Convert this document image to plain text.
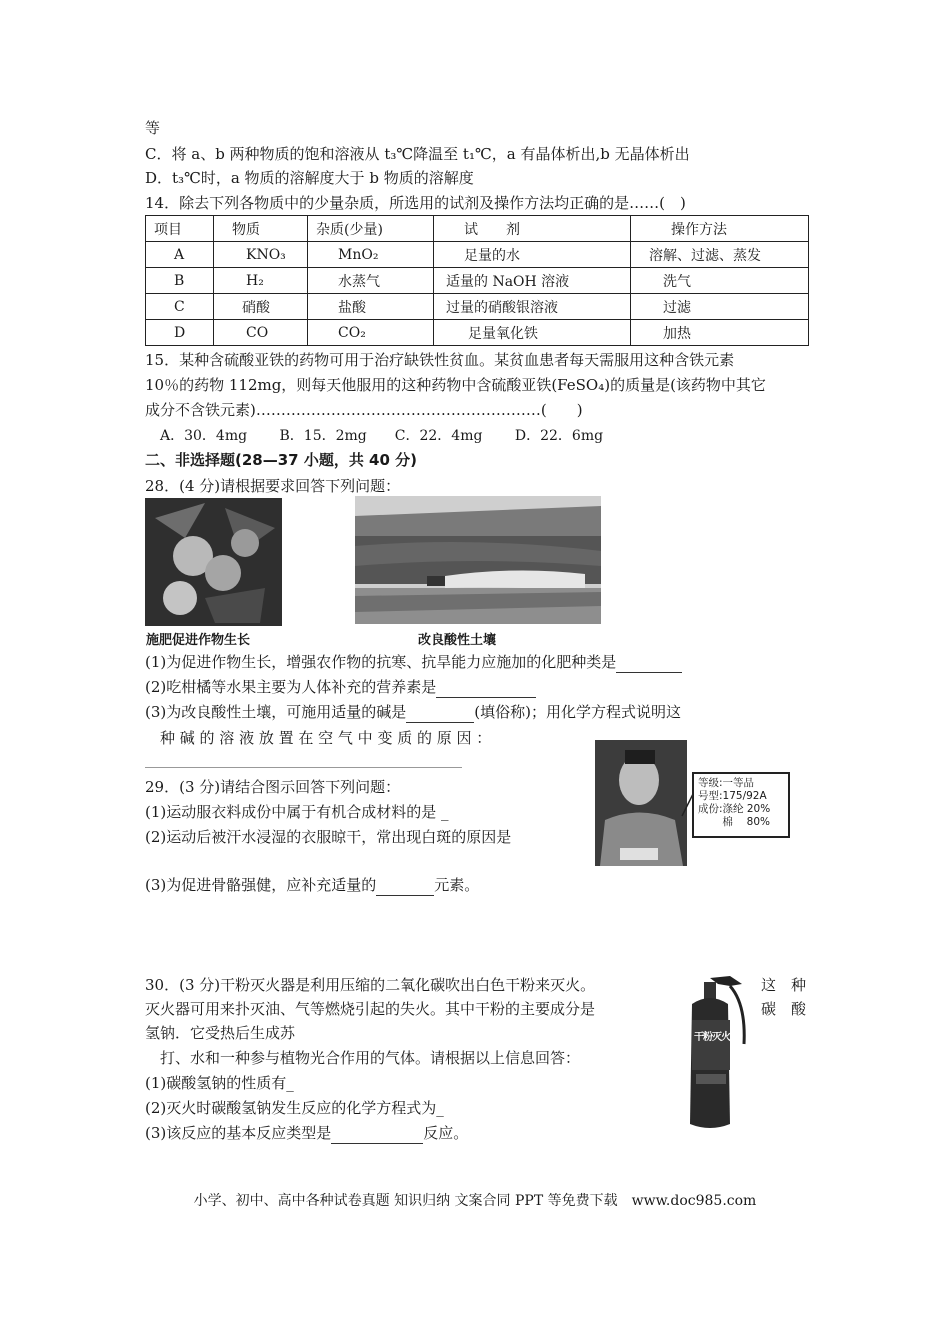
等
C．将 a、b 两种物质的饱和溶液从 t₃℃降温至 t₁℃，a 有晶体析出,b 无晶体析出
D．t₃℃时，a 物质的溶解度大于 b 物质的溶解度
14．除去下列各物质中的少量杂质，所选用的试剂及操作方法均正确的是……(　)
项目	物质	杂质(少量)	试　　剂	操作方法
A	KNO₃	MnO₂	足量的水	溶解、过滤、蒸发
B	H₂	水蒸气	适量的 NaOH 溶液	洗气
C	硝酸	盐酸	过量的硝酸银溶液	过滤
D	CO	CO₂	足量氧化铁	加热
15．某种含硫酸亚铁的药物可用于治疗缺铁性贫血。某贫血患者每天需服用这种含铁元素
10％的药物 112mg，则每天他服用的这种药物中含硫酸亚铁(FeSO₄)的质量是(该药物中其它
成分不含铁元素)…………………………………………………(　　)
A．30．4mg　　 B．15．2mg　　C．22．4mg　　 D．22．6mg
二、非选择题(28—37 小题，共 40 分)
28．(4 分)请根据要求回答下列问题：
施肥促进作物生长	改良酸性土壤
(1)为促进作物生长，增强农作物的抗寒、抗旱能力应施加的化肥种类是
(2)吃柑橘等水果主要为人体补充的营养素是
(3)为改良酸性土壤，可施用适量的碱是	(填俗称)；用化学方程式说明这
种 碱 的 溶 液 放 置 在 空 气 中 变 质 的 原 因 ：
等级:一等品
号型:175/92A
成份:涤纶 20%
　　 棉　 80%
29．(3 分)请结合图示回答下列问题：
(1)运动服衣料成份中属于有机合成材料的是 _
(2)运动后被汗水浸湿的衣服晾干，常出现白斑的原因是
(3)为促进骨骼强健，应补充适量的	元素。
30．(3 分)干粉灭火器是利用压缩的二氧化碳吹出白色干粉来灭火。	这　种
灭火器可用来扑灭油、气等燃烧引起的失火。其中干粉的主要成分是	碳　酸
氢钠．它受热后生成苏
　打、水和一种参与植物光合作用的气体。请根据以上信息回答：
(1)碳酸氢钠的性质有_
(2)灭火时碳酸氢钠发生反应的化学方程式为_
(3)该反应的基本反应类型是	反应。
干粉灭火器
小学、初中、高中各种试卷真题 知识归纳 文案合同 PPT 等免费下载　www.doc985.com
